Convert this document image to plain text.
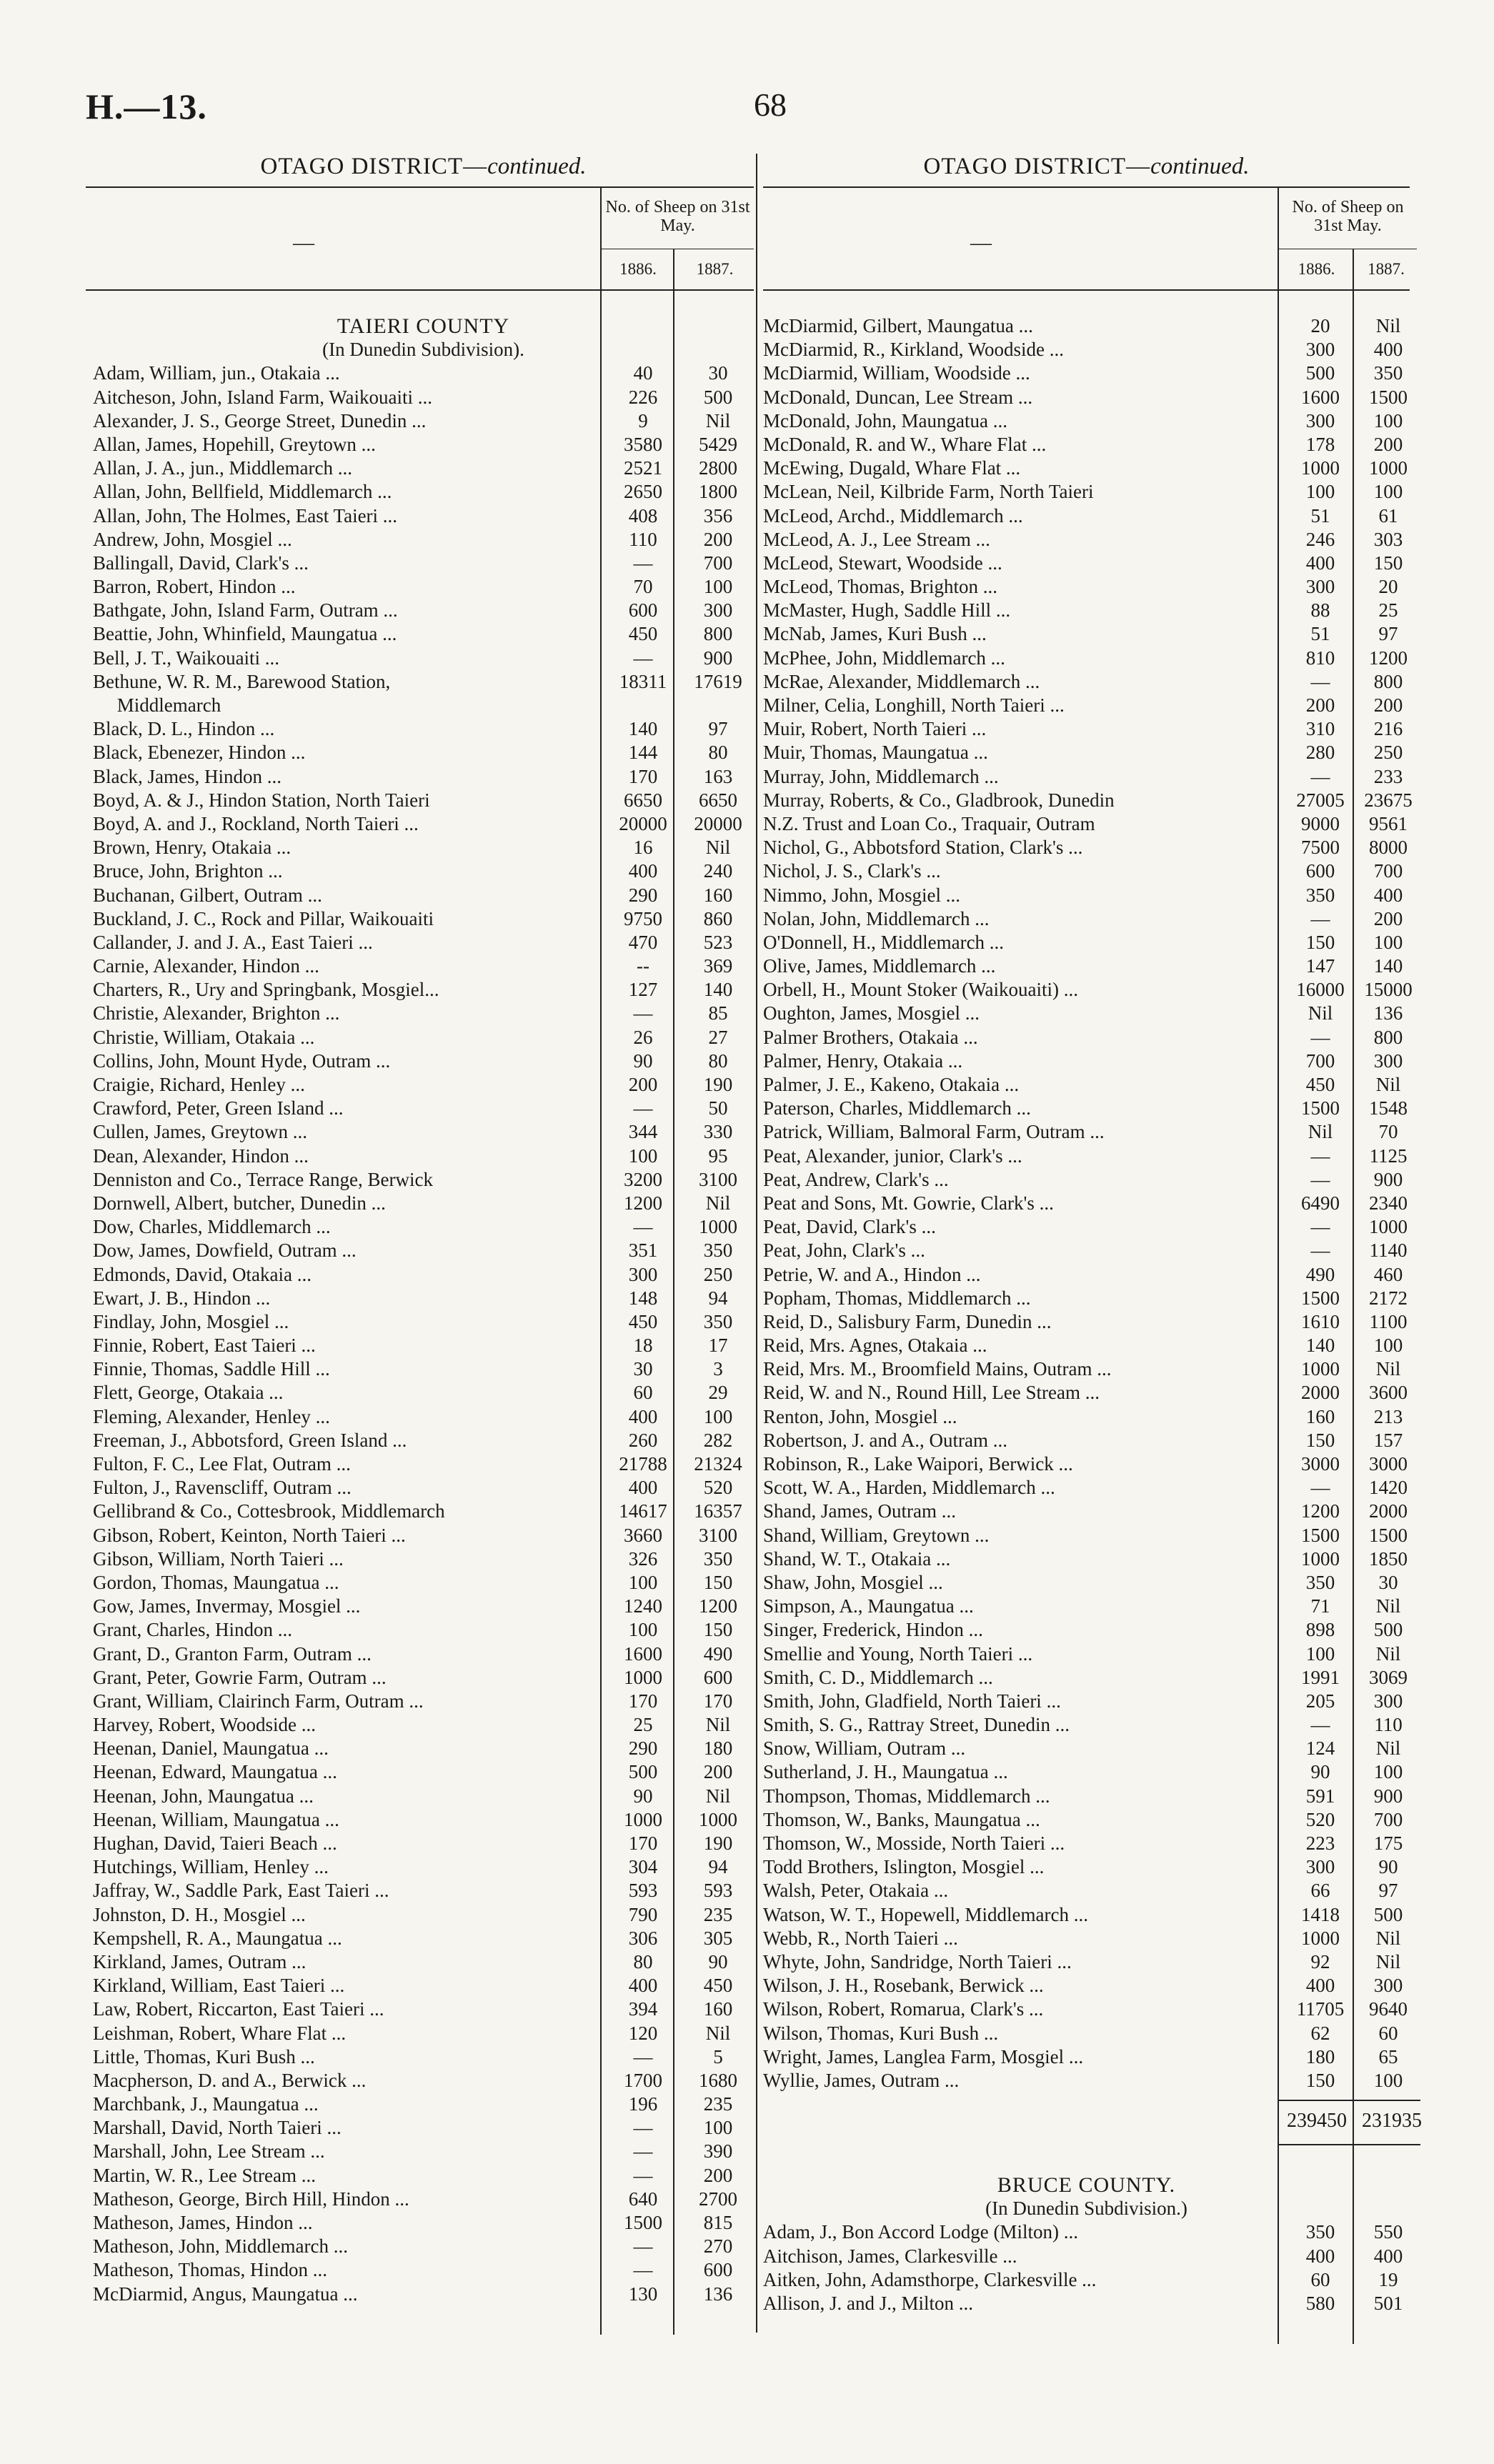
H.—13.	68
OTAGO DISTRICT—continued.
—
No. of Sheep on 31st May.
1886.	1887.
TAIERI COUNTY
(In Dunedin Subdivision).
Adam, William, jun., Otakaia ...	40	30
Aitcheson, John, Island Farm, Waikouaiti ...	226	500
Alexander, J. S., George Street, Dunedin ...	9	Nil
Allan, James, Hopehill, Greytown ...	3580	5429
Allan, J. A., jun., Middlemarch ...	2521	2800
Allan, John, Bellfield, Middlemarch ...	2650	1800
Allan, John, The Holmes, East Taieri ...	408	356
Andrew, John, Mosgiel ...	110	200
Ballingall, David, Clark's ...	—	700
Barron, Robert, Hindon ...	70	100
Bathgate, John, Island Farm, Outram ...	600	300
Beattie, John, Whinfield, Maungatua ...	450	800
Bell, J. T., Waikouaiti ...	—	900
Bethune, W. R. M., Barewood Station,	18311	17619
Middlemarch
Black, D. L., Hindon ...	140	97
Black, Ebenezer, Hindon ...	144	80
Black, James, Hindon ...	170	163
Boyd, A. & J., Hindon Station, North Taieri	6650	6650
Boyd, A. and J., Rockland, North Taieri ...	20000	20000
Brown, Henry, Otakaia ...	16	Nil
Bruce, John, Brighton ...	400	240
Buchanan, Gilbert, Outram ...	290	160
Buckland, J. C., Rock and Pillar, Waikouaiti	9750	860
Callander, J. and J. A., East Taieri ...	470	523
Carnie, Alexander, Hindon ...	--	369
Charters, R., Ury and Springbank, Mosgiel...	127	140
Christie, Alexander, Brighton ...	—	85
Christie, William, Otakaia ...	26	27
Collins, John, Mount Hyde, Outram ...	90	80
Craigie, Richard, Henley ...	200	190
Crawford, Peter, Green Island ...	—	50
Cullen, James, Greytown ...	344	330
Dean, Alexander, Hindon ...	100	95
Denniston and Co., Terrace Range, Berwick	3200	3100
Dornwell, Albert, butcher, Dunedin ...	1200	Nil
Dow, Charles, Middlemarch ...	—	1000
Dow, James, Dowfield, Outram ...	351	350
Edmonds, David, Otakaia ...	300	250
Ewart, J. B., Hindon ...	148	94
Findlay, John, Mosgiel ...	450	350
Finnie, Robert, East Taieri ...	18	17
Finnie, Thomas, Saddle Hill ...	30	3
Flett, George, Otakaia ...	60	29
Fleming, Alexander, Henley ...	400	100
Freeman, J., Abbotsford, Green Island ...	260	282
Fulton, F. C., Lee Flat, Outram ...	21788	21324
Fulton, J., Ravenscliff, Outram ...	400	520
Gellibrand & Co., Cottesbrook, Middlemarch	14617	16357
Gibson, Robert, Keinton, North Taieri ...	3660	3100
Gibson, William, North Taieri ...	326	350
Gordon, Thomas, Maungatua ...	100	150
Gow, James, Invermay, Mosgiel ...	1240	1200
Grant, Charles, Hindon ...	100	150
Grant, D., Granton Farm, Outram ...	1600	490
Grant, Peter, Gowrie Farm, Outram ...	1000	600
Grant, William, Clairinch Farm, Outram ...	170	170
Harvey, Robert, Woodside ...	25	Nil
Heenan, Daniel, Maungatua ...	290	180
Heenan, Edward, Maungatua ...	500	200
Heenan, John, Maungatua ...	90	Nil
Heenan, William, Maungatua ...	1000	1000
Hughan, David, Taieri Beach ...	170	190
Hutchings, William, Henley ...	304	94
Jaffray, W., Saddle Park, East Taieri ...	593	593
Johnston, D. H., Mosgiel ...	790	235
Kempshell, R. A., Maungatua ...	306	305
Kirkland, James, Outram ...	80	90
Kirkland, William, East Taieri ...	400	450
Law, Robert, Riccarton, East Taieri ...	394	160
Leishman, Robert, Whare Flat ...	120	Nil
Little, Thomas, Kuri Bush ...	—	5
Macpherson, D. and A., Berwick ...	1700	1680
Marchbank, J., Maungatua ...	196	235
Marshall, David, North Taieri ...	—	100
Marshall, John, Lee Stream ...	—	390
Martin, W. R., Lee Stream ...	—	200
Matheson, George, Birch Hill, Hindon ...	640	2700
Matheson, James, Hindon ...	1500	815
Matheson, John, Middlemarch ...	—	270
Matheson, Thomas, Hindon ...	—	600
McDiarmid, Angus, Maungatua ...	130	136
OTAGO DISTRICT—continued.
—
No. of Sheep on 31st May.
1886.	1887.
McDiarmid, Gilbert, Maungatua ...	20	Nil
McDiarmid, R., Kirkland, Woodside ...	300	400
McDiarmid, William, Woodside ...	500	350
McDonald, Duncan, Lee Stream ...	1600	1500
McDonald, John, Maungatua ...	300	100
McDonald, R. and W., Whare Flat ...	178	200
McEwing, Dugald, Whare Flat ...	1000	1000
McLean, Neil, Kilbride Farm, North Taieri	100	100
McLeod, Archd., Middlemarch ...	51	61
McLeod, A. J., Lee Stream ...	246	303
McLeod, Stewart, Woodside ...	400	150
McLeod, Thomas, Brighton ...	300	20
McMaster, Hugh, Saddle Hill ...	88	25
McNab, James, Kuri Bush ...	51	97
McPhee, John, Middlemarch ...	810	1200
McRae, Alexander, Middlemarch ...	—	800
Milner, Celia, Longhill, North Taieri ...	200	200
Muir, Robert, North Taieri ...	310	216
Muir, Thomas, Maungatua ...	280	250
Murray, John, Middlemarch ...	—	233
Murray, Roberts, & Co., Gladbrook, Dunedin	27005	23675
N.Z. Trust and Loan Co., Traquair, Outram	9000	9561
Nichol, G., Abbotsford Station, Clark's ...	7500	8000
Nichol, J. S., Clark's ...	600	700
Nimmo, John, Mosgiel ...	350	400
Nolan, John, Middlemarch ...	—	200
O'Donnell, H., Middlemarch ...	150	100
Olive, James, Middlemarch ...	147	140
Orbell, H., Mount Stoker (Waikouaiti) ...	16000	15000
Oughton, James, Mosgiel ...	Nil	136
Palmer Brothers, Otakaia ...	—	800
Palmer, Henry, Otakaia ...	700	300
Palmer, J. E., Kakeno, Otakaia ...	450	Nil
Paterson, Charles, Middlemarch ...	1500	1548
Patrick, William, Balmoral Farm, Outram ...	Nil	70
Peat, Alexander, junior, Clark's ...	—	1125
Peat, Andrew, Clark's ...	—	900
Peat and Sons, Mt. Gowrie, Clark's ...	6490	2340
Peat, David, Clark's ...	—	1000
Peat, John, Clark's ...	—	1140
Petrie, W. and A., Hindon ...	490	460
Popham, Thomas, Middlemarch ...	1500	2172
Reid, D., Salisbury Farm, Dunedin ...	1610	1100
Reid, Mrs. Agnes, Otakaia ...	140	100
Reid, Mrs. M., Broomfield Mains, Outram ...	1000	Nil
Reid, W. and N., Round Hill, Lee Stream ...	2000	3600
Renton, John, Mosgiel ...	160	213
Robertson, J. and A., Outram ...	150	157
Robinson, R., Lake Waipori, Berwick ...	3000	3000
Scott, W. A., Harden, Middlemarch ...	—	1420
Shand, James, Outram ...	1200	2000
Shand, William, Greytown ...	1500	1500
Shand, W. T., Otakaia ...	1000	1850
Shaw, John, Mosgiel ...	350	30
Simpson, A., Maungatua ...	71	Nil
Singer, Frederick, Hindon ...	898	500
Smellie and Young, North Taieri ...	100	Nil
Smith, C. D., Middlemarch ...	1991	3069
Smith, John, Gladfield, North Taieri ...	205	300
Smith, S. G., Rattray Street, Dunedin ...	—	110
Snow, William, Outram ...	124	Nil
Sutherland, J. H., Maungatua ...	90	100
Thompson, Thomas, Middlemarch ...	591	900
Thomson, W., Banks, Maungatua ...	520	700
Thomson, W., Mosside, North Taieri ...	223	175
Todd Brothers, Islington, Mosgiel ...	300	90
Walsh, Peter, Otakaia ...	66	97
Watson, W. T., Hopewell, Middlemarch ...	1418	500
Webb, R., North Taieri ...	1000	Nil
Whyte, John, Sandridge, North Taieri ...	92	Nil
Wilson, J. H., Rosebank, Berwick ...	400	300
Wilson, Robert, Romarua, Clark's ...	11705	9640
Wilson, Thomas, Kuri Bush ...	62	60
Wright, James, Langlea Farm, Mosgiel ...	180	65
Wyllie, James, Outram ...	150	100
239450 231935
BRUCE COUNTY.
(In Dunedin Subdivision.)
Adam, J., Bon Accord Lodge (Milton) ...	350	550
Aitchison, James, Clarkesville ...	400	400
Aitken, John, Adamsthorpe, Clarkesville ...	60	19
Allison, J. and J., Milton ...	580	501
